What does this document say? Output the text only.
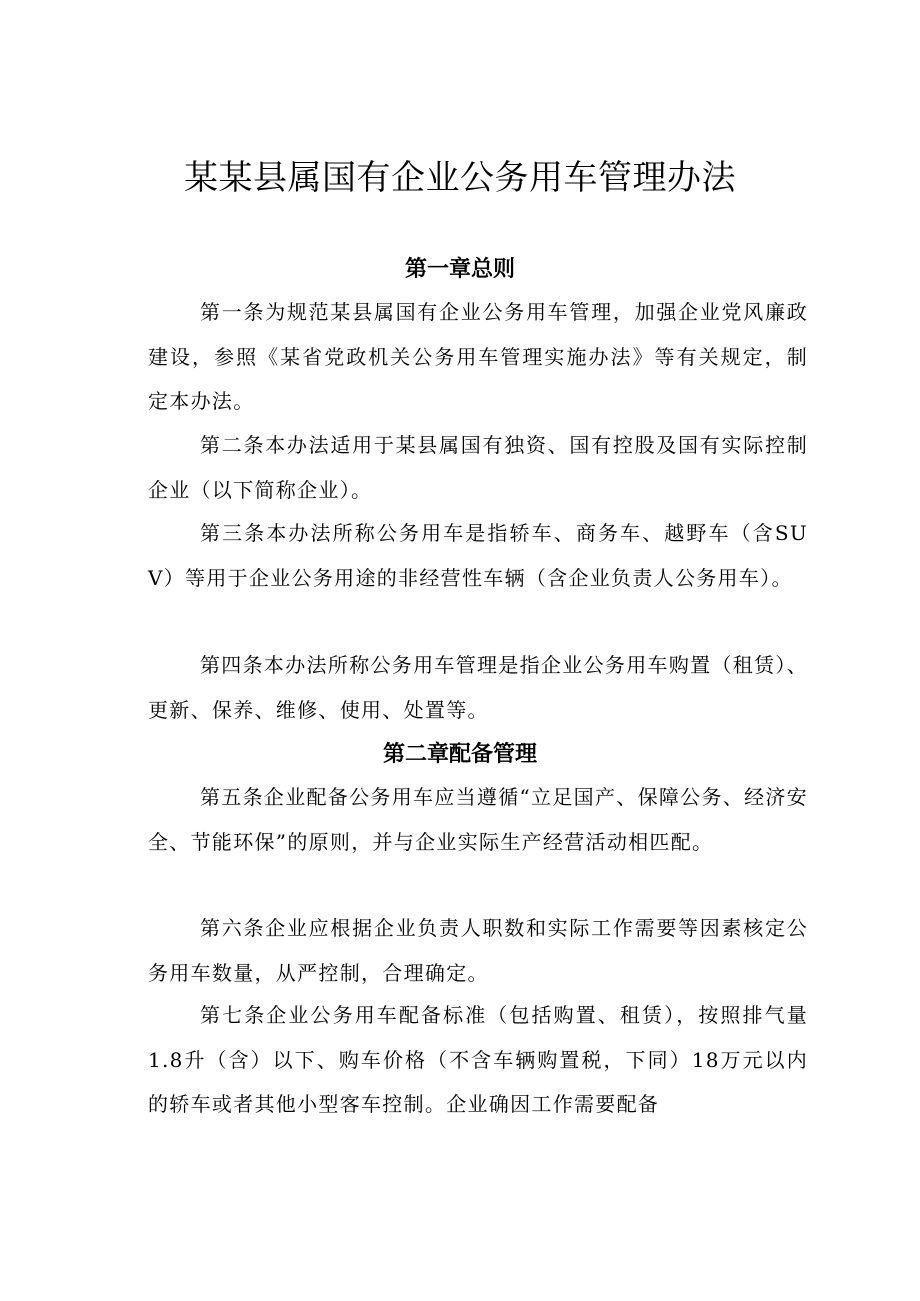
某某县属国有企业公务用车管理办法
第一章总则

第一条为规范某县属国有企业公务用车管理，加强企业党风廉政建设，参照《某省党政机关公务用车管理实施办法》等有关规定，制定本办法。

第二条本办法适用于某县属国有独资、国有控股及国有实际控制企业（以下简称企业）。

第三条本办法所称公务用车是指轿车、商务车、越野车（含SUV）等用于企业公务用途的非经营性车辆（含企业负责人公务用车）。

第四条本办法所称公务用车管理是指企业公务用车购置（租赁）、更新、保养、维修、使用、处置等。

第二章配备管理

第五条企业配备公务用车应当遵循“立足国产、保障公务、经济安全、节能环保”的原则，并与企业实际生产经营活动相匹配。

第六条企业应根据企业负责人职数和实际工作需要等因素核定公务用车数量，从严控制，合理确定。

第七条企业公务用车配备标准（包括购置、租赁），按照排气量1.8升（含）以下、购车价格（不含车辆购置税，下同）18万元以内的轿车或者其他小型客车控制。企业确因工作需要配备
